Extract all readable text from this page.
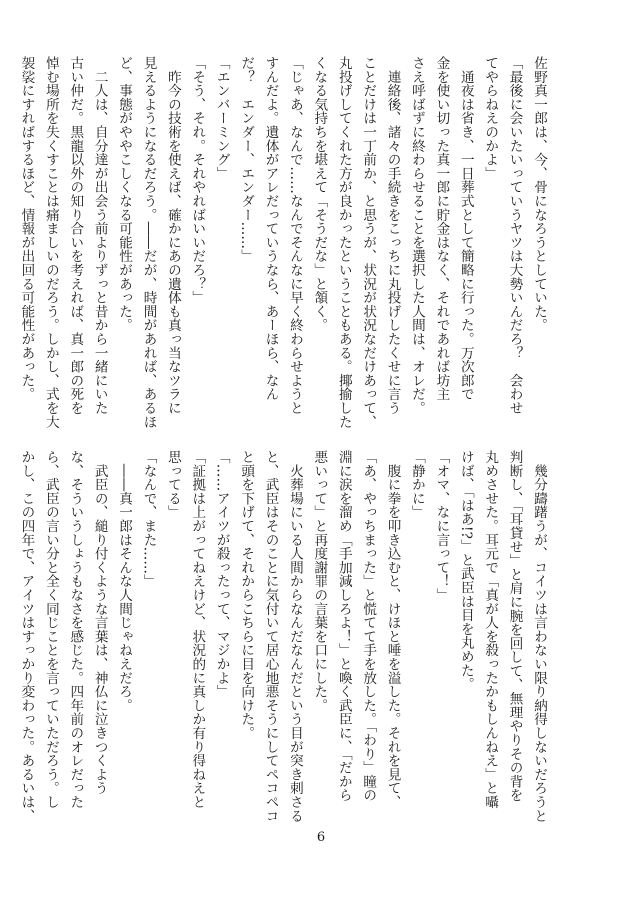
佐野真一郎は、今、骨になろうとしていた。
「最後に会いたいっていうヤツは大勢いんだろ？　会わせ
てやらねえのかよ」
　通夜は省き、一日葬式として簡略に行った。万次郎で
金を使い切った真一郎に貯金はなく、それであれば坊主
さえ呼ばずに終わらせることを選択した人間は、オレだ。
　連絡後、諸々の手続きをこっちに丸投げしたくせに言う
ことだけは一丁前か、と思うが、状況が状況なだけあって、
丸投げしてくれた方が良かったということもある。揶揄した
くなる気持ちを堪えて「そうだな」と頷く。
「じゃあ、なんで……なんでそんなに早く終わらせようと
すんだよ。遺体がアレだっていうなら、あーほら、なん
だ？　エンダー、エンダー……」
「エンバーミング」
「そう、それ。それやればいいだろ？」
　昨今の技術を使えば、確かにあの遺体も真っ当なツラに
見えるようになるだろう。――だが、時間があれば、あるほ
ど、事態がややこしくなる可能性があった。
　二人は、自分達が出会う前よりずっと昔から一緒にいた
古い仲だ。黒龍以外の知り合いを考えれば、真一郎の死を
悼む場所を失くすことは痛ましいのだろう。しかし、式を大
袈裟にすればするほど、情報が出回る可能性があった。
　幾分躊躇うが、コイツは言わない限り納得しないだろうと
判断し、「耳貸せ」と肩に腕を回して、無理やりその背を
丸めさせた。耳元で「真が人を殺ったかもしんねえ」と囁
けば、「はあ!?」と武臣は目を丸めた。
「オマ、なに言って！」
「静かに」
　腹に拳を叩き込むと、けほと唾を溢した。それを見て、
「あ、やっちまった」と慌てて手を放した。「わり」瞳の
淵に涙を溜め「手加減しろよ！」と喚く武臣に、「だから
悪いって」と再度謝罪の言葉を口にした。
　火葬場にいる人間からなんだなんだという目が突き刺さる
と、武臣はそのことに気付いて居心地悪そうにしてペコペコ
と頭を下げて、それからこちらに目を向けた。
「……アイツが殺ったって、マジかよ」
「証拠は上がってねえけど、状況的に真しか有り得ねえと
思ってる」
「なんで、また……」
　――真一郎はそんな人間じゃねえだろ。
　武臣の、縋り付くような言葉は、神仏に泣きつくよう
な、そういうしょうもなさを感じた。四年前のオレだった
ら、武臣の言い分と全く同じことを言っていただろう。し
かし、この四年で、アイツはすっかり変わった。あるいは、
6
